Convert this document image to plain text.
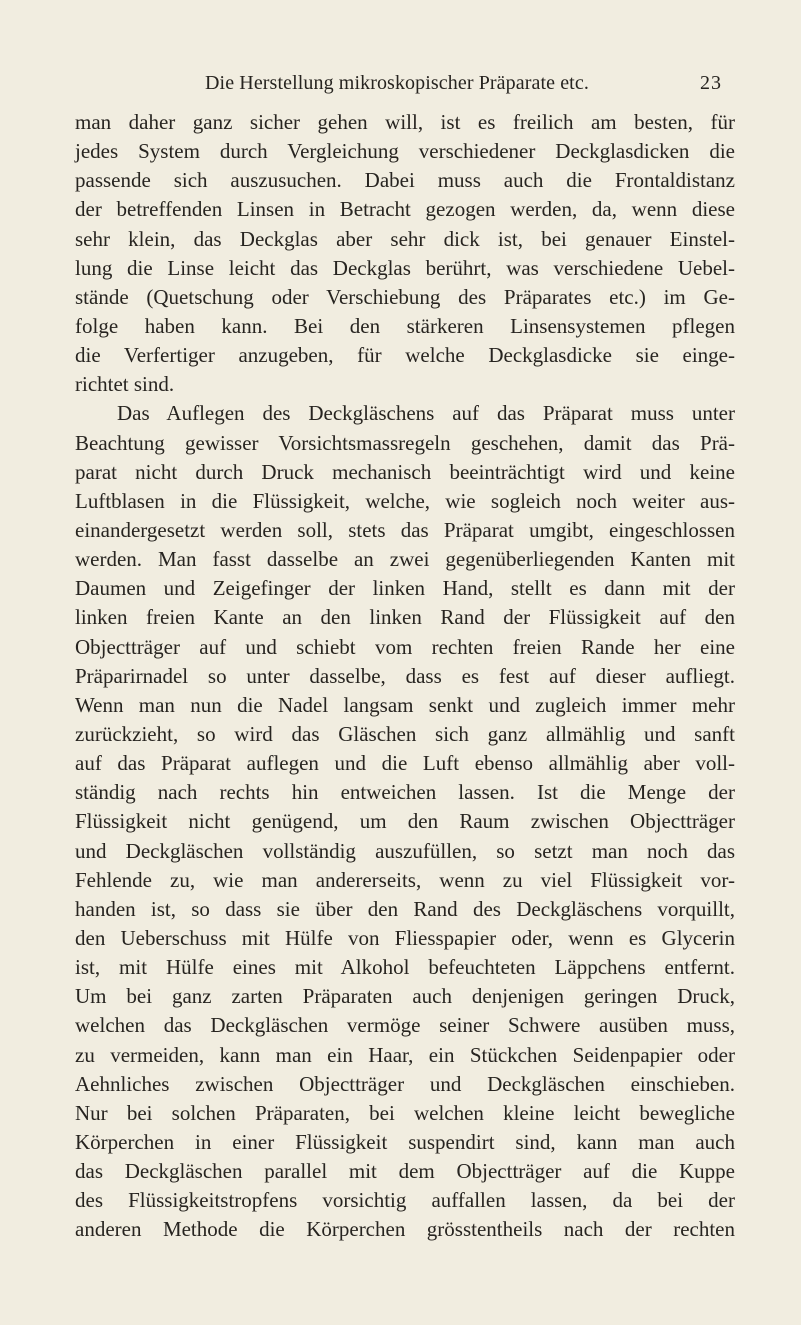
Die Herstellung mikroskopischer Präparate etc.	23
man daher ganz sicher gehen will, ist es freilich am besten, für
jedes System durch Vergleichung verschiedener Deckglasdicken die
passende sich auszusuchen. Dabei muss auch die Frontaldistanz
der betreffenden Linsen in Betracht gezogen werden, da, wenn diese
sehr klein, das Deckglas aber sehr dick ist, bei genauer Einstel-
lung die Linse leicht das Deckglas berührt, was verschiedene Uebel-
stände (Quetschung oder Verschiebung des Präparates etc.) im Ge-
folge haben kann. Bei den stärkeren Linsensystemen pflegen
die Verfertiger anzugeben, für welche Deckglasdicke sie einge-
richtet sind.
Das Auflegen des Deckgläschens auf das Präparat muss unter
Beachtung gewisser Vorsichtsmassregeln geschehen, damit das Prä-
parat nicht durch Druck mechanisch beeinträchtigt wird und keine
Luftblasen in die Flüssigkeit, welche, wie sogleich noch weiter aus-
einandergesetzt werden soll, stets das Präparat umgibt, eingeschlossen
werden. Man fasst dasselbe an zwei gegenüberliegenden Kanten mit
Daumen und Zeigefinger der linken Hand, stellt es dann mit der
linken freien Kante an den linken Rand der Flüssigkeit auf den
Objectträger auf und schiebt vom rechten freien Rande her eine
Präparirnadel so unter dasselbe, dass es fest auf dieser aufliegt.
Wenn man nun die Nadel langsam senkt und zugleich immer mehr
zurückzieht, so wird das Gläschen sich ganz allmählig und sanft
auf das Präparat auflegen und die Luft ebenso allmählig aber voll-
ständig nach rechts hin entweichen lassen. Ist die Menge der
Flüssigkeit nicht genügend, um den Raum zwischen Objectträger
und Deckgläschen vollständig auszufüllen, so setzt man noch das
Fehlende zu, wie man andererseits, wenn zu viel Flüssigkeit vor-
handen ist, so dass sie über den Rand des Deckgläschens vorquillt,
den Ueberschuss mit Hülfe von Fliesspapier oder, wenn es Glycerin
ist, mit Hülfe eines mit Alkohol befeuchteten Läppchens entfernt.
Um bei ganz zarten Präparaten auch denjenigen geringen Druck,
welchen das Deckgläschen vermöge seiner Schwere ausüben muss,
zu vermeiden, kann man ein Haar, ein Stückchen Seidenpapier oder
Aehnliches zwischen Objectträger und Deckgläschen einschieben.
Nur bei solchen Präparaten, bei welchen kleine leicht bewegliche
Körperchen in einer Flüssigkeit suspendirt sind, kann man auch
das Deckgläschen parallel mit dem Objectträger auf die Kuppe
des Flüssigkeitstropfens vorsichtig auffallen lassen, da bei der
anderen Methode die Körperchen grösstentheils nach der rechten
